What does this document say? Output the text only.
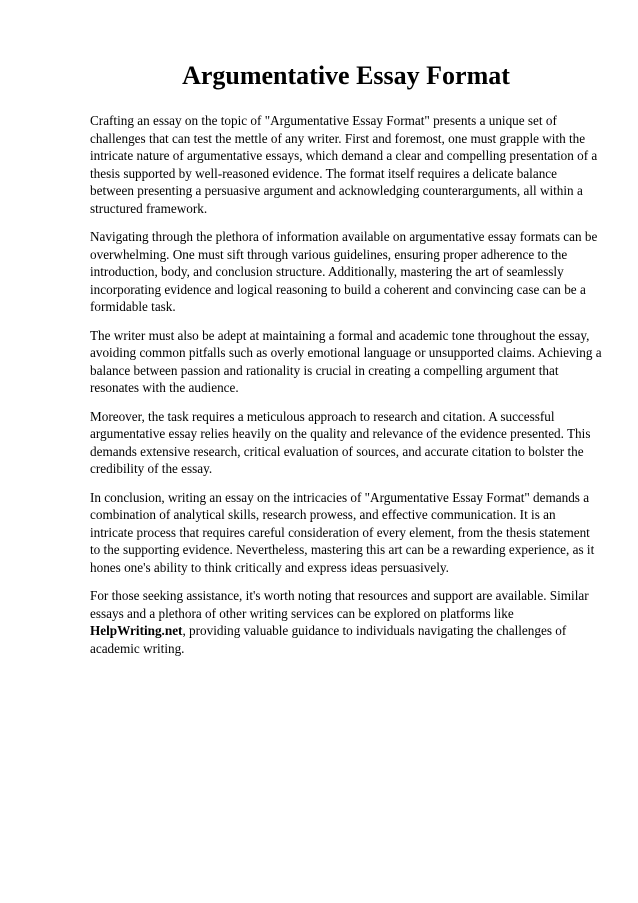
Argumentative Essay Format

Crafting an essay on the topic of "Argumentative Essay Format" presents a unique set of challenges that can test the mettle of any writer. First and foremost, one must grapple with the intricate nature of argumentative essays, which demand a clear and compelling presentation of a thesis supported by well-reasoned evidence. The format itself requires a delicate balance between presenting a persuasive argument and acknowledging counterarguments, all within a structured framework.

Navigating through the plethora of information available on argumentative essay formats can be overwhelming. One must sift through various guidelines, ensuring proper adherence to the introduction, body, and conclusion structure. Additionally, mastering the art of seamlessly incorporating evidence and logical reasoning to build a coherent and convincing case can be a formidable task.

The writer must also be adept at maintaining a formal and academic tone throughout the essay, avoiding common pitfalls such as overly emotional language or unsupported claims. Achieving a balance between passion and rationality is crucial in creating a compelling argument that resonates with the audience.

Moreover, the task requires a meticulous approach to research and citation. A successful argumentative essay relies heavily on the quality and relevance of the evidence presented. This demands extensive research, critical evaluation of sources, and accurate citation to bolster the credibility of the essay.

In conclusion, writing an essay on the intricacies of "Argumentative Essay Format" demands a combination of analytical skills, research prowess, and effective communication. It is an intricate process that requires careful consideration of every element, from the thesis statement to the supporting evidence. Nevertheless, mastering this art can be a rewarding experience, as it hones one's ability to think critically and express ideas persuasively.

For those seeking assistance, it's worth noting that resources and support are available. Similar essays and a plethora of other writing services can be explored on platforms like HelpWriting.net, providing valuable guidance to individuals navigating the challenges of academic writing.
